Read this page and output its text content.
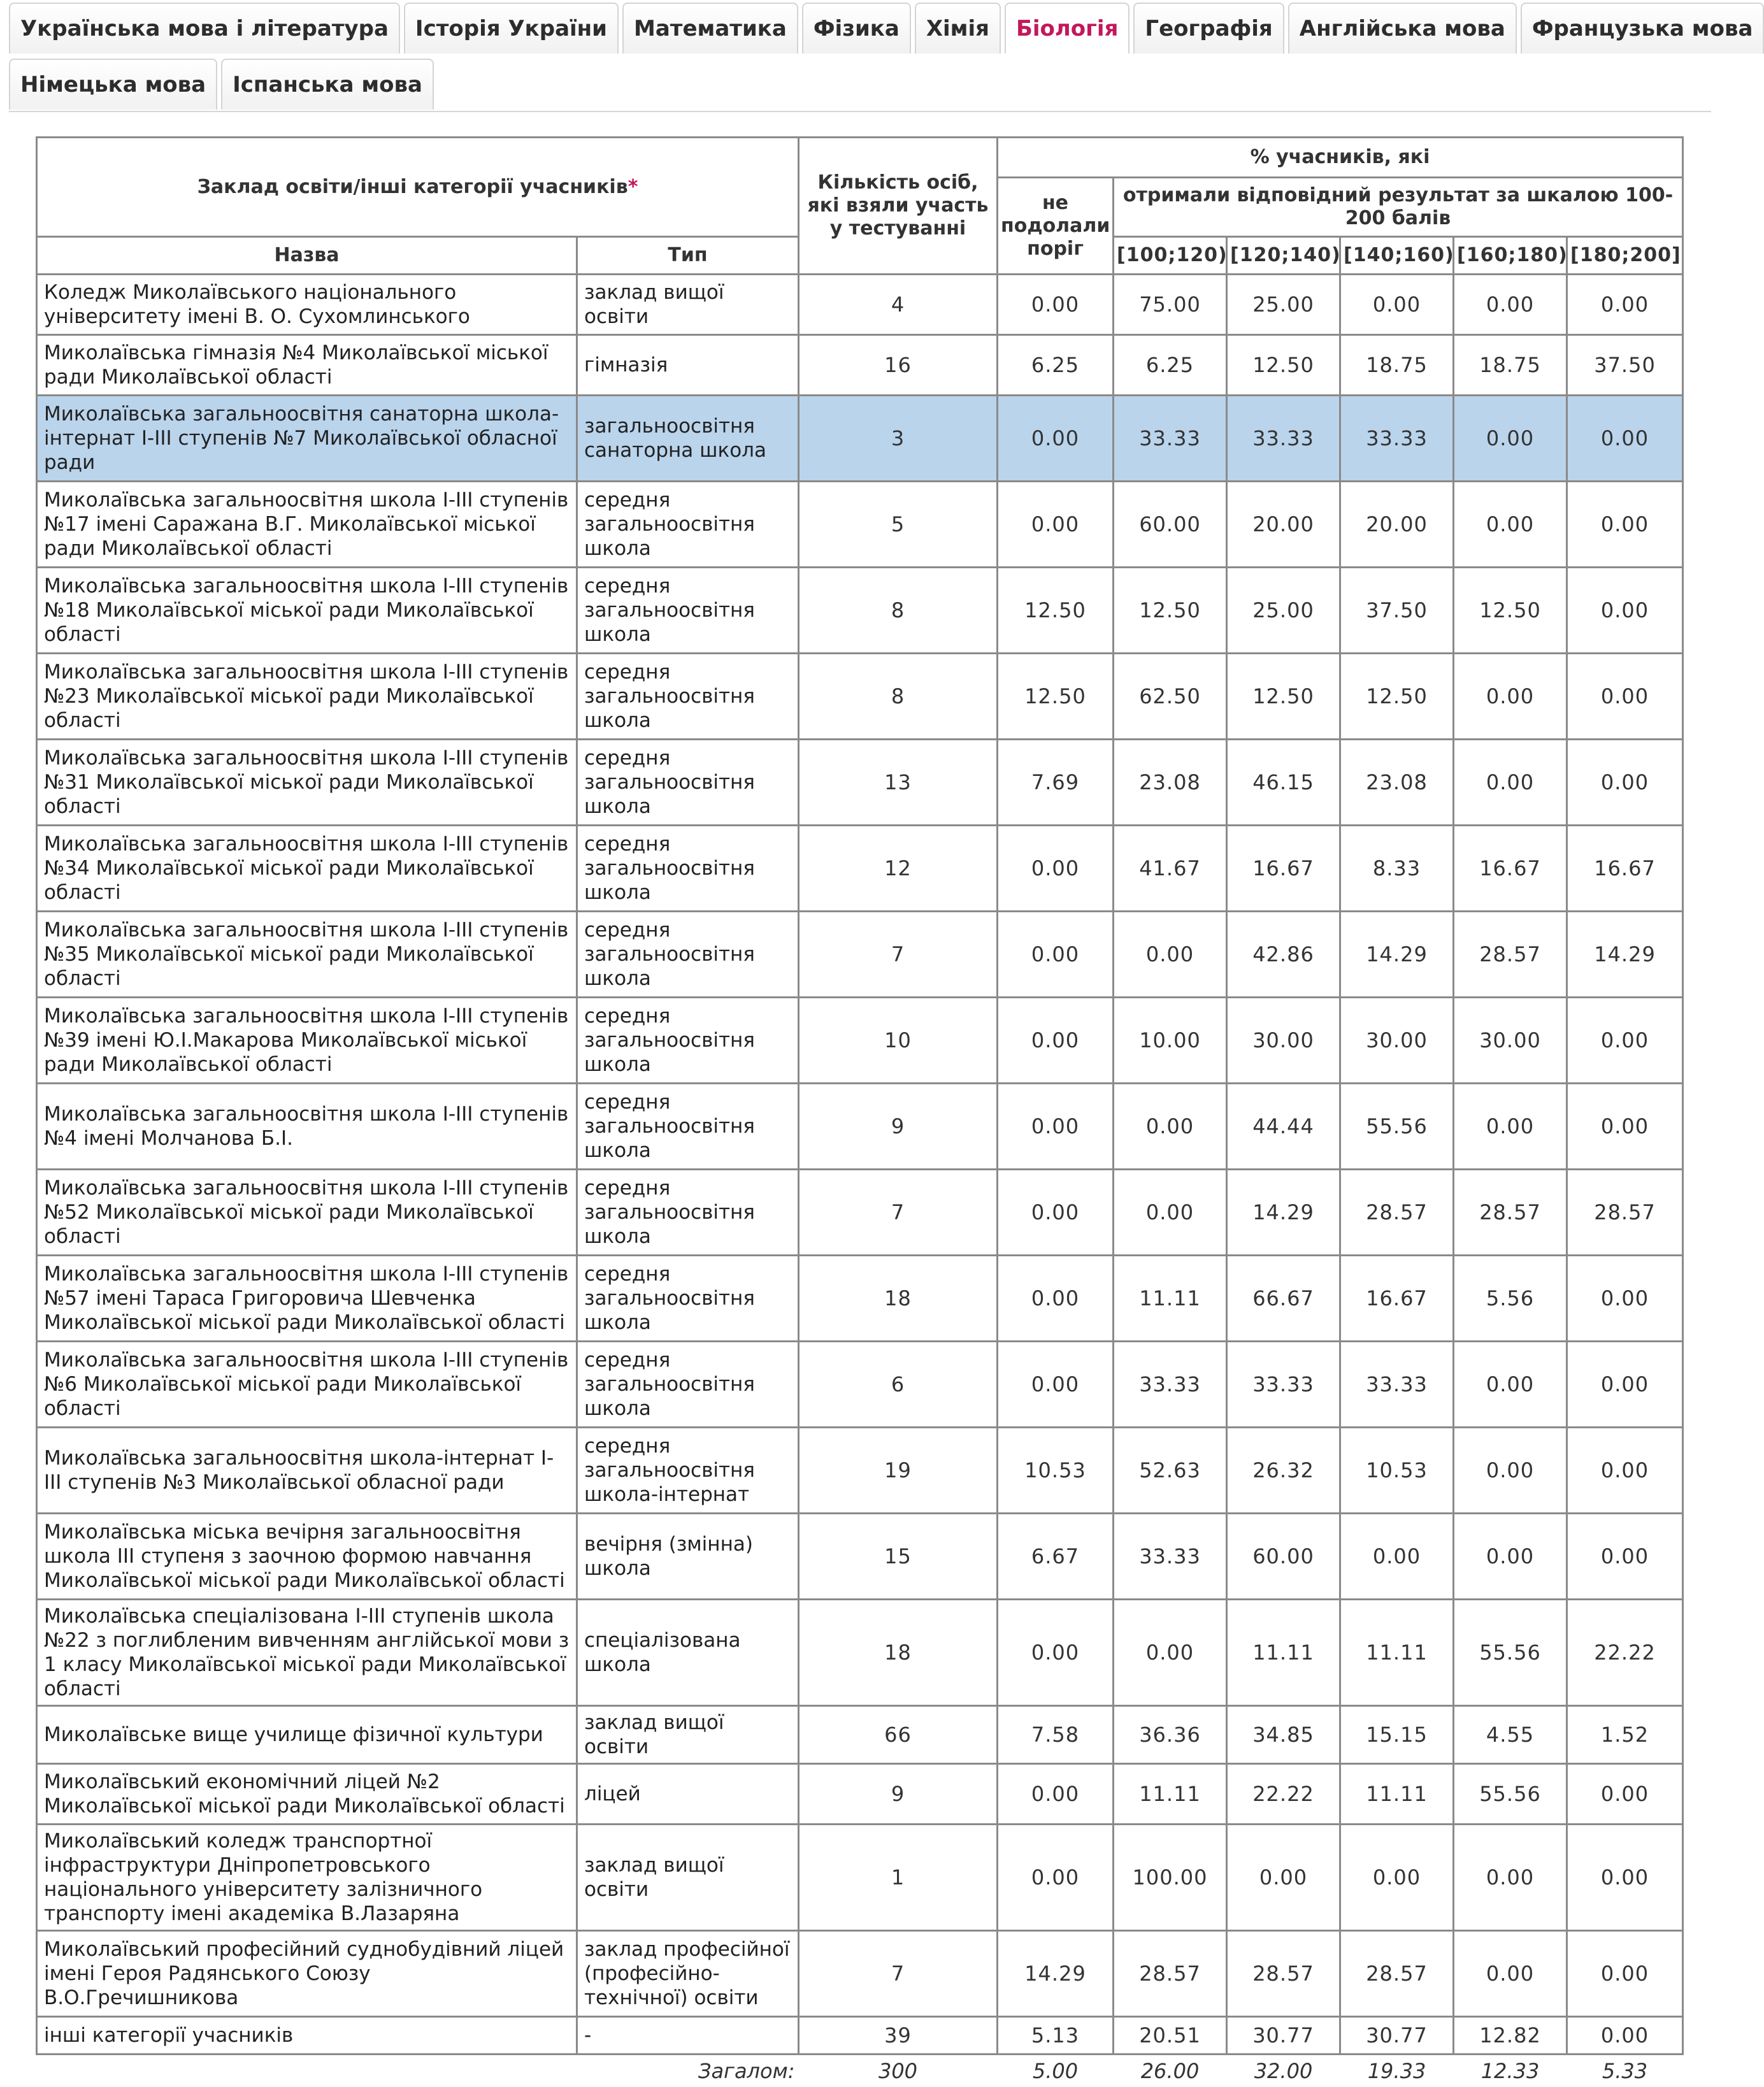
Українська мова і література	Історія України	Математика	Фізика	Хімія	Біологія	Географія	Англійська мова	Французька мова
Німецька мова	Іспанська мова
Заклад освіти/інші категорії учасників*		Кількість осіб, які взяли участь у тестуванні	% учасників, які					
			не подолали поріг	отримали відповідний результат за шкалою 100-200 балів				
Назва	Тип			[100;120)	[120;140)	[140;160)	[160;180)	[180;200]
Коледж Миколаївського національного університету імені В. О. Сухомлинського	заклад вищої освіти	4	0.00	75.00	25.00	0.00	0.00	0.00
Миколаївська гімназія №4 Миколаївської міської ради Миколаївської області	гімназія	16	6.25	6.25	12.50	18.75	18.75	37.50
Миколаївська загальноосвітня санаторна школа-інтернат І-ІІІ ступенів №7 Миколаївської обласної ради	загальноосвітня санаторна школа	3	0.00	33.33	33.33	33.33	0.00	0.00
Миколаївська загальноосвітня школа І-ІІІ ступенів №17 імені Саражана В.Г. Миколаївської міської ради Миколаївської області	середня загальноосвітня школа	5	0.00	60.00	20.00	20.00	0.00	0.00
Миколаївська загальноосвітня школа І-ІІІ ступенів №18 Миколаївської міської ради Миколаївської області	середня загальноосвітня школа	8	12.50	12.50	25.00	37.50	12.50	0.00
Миколаївська загальноосвітня школа І-ІІІ ступенів №23 Миколаївської міської ради Миколаївської області	середня загальноосвітня школа	8	12.50	62.50	12.50	12.50	0.00	0.00
Миколаївська загальноосвітня школа І-ІІІ ступенів №31 Миколаївської міської ради Миколаївської області	середня загальноосвітня школа	13	7.69	23.08	46.15	23.08	0.00	0.00
Миколаївська загальноосвітня школа І-ІІІ ступенів №34 Миколаївської міської ради Миколаївської області	середня загальноосвітня школа	12	0.00	41.67	16.67	8.33	16.67	16.67
Миколаївська загальноосвітня школа І-ІІІ ступенів №35 Миколаївської міської ради Миколаївської області	середня загальноосвітня школа	7	0.00	0.00	42.86	14.29	28.57	14.29
Миколаївська загальноосвітня школа І-ІІІ ступенів №39 імені Ю.І.Макарова Миколаївської міської ради Миколаївської області	середня загальноосвітня школа	10	0.00	10.00	30.00	30.00	30.00	0.00
Миколаївська загальноосвітня школа І-ІІІ ступенів №4 імені Молчанова Б.І.	середня загальноосвітня школа	9	0.00	0.00	44.44	55.56	0.00	0.00
Миколаївська загальноосвітня школа І-ІІІ ступенів №52 Миколаївської міської ради Миколаївської області	середня загальноосвітня школа	7	0.00	0.00	14.29	28.57	28.57	28.57
Миколаївська загальноосвітня школа І-ІІІ ступенів №57 імені Тараса Григоровича Шевченка Миколаївської міської ради Миколаївської області	середня загальноосвітня школа	18	0.00	11.11	66.67	16.67	5.56	0.00
Миколаївська загальноосвітня школа І-ІІІ ступенів №6 Миколаївської міської ради Миколаївської області	середня загальноосвітня школа	6	0.00	33.33	33.33	33.33	0.00	0.00
Миколаївська загальноосвітня школа-інтернат І-ІІІ ступенів №3 Миколаївської обласної ради	середня загальноосвітня школа-інтернат	19	10.53	52.63	26.32	10.53	0.00	0.00
Миколаївська міська вечірня загальноосвітня школа ІІІ ступеня з заочною формою навчання Миколаївської міської ради Миколаївської області	вечірня (змінна) школа	15	6.67	33.33	60.00	0.00	0.00	0.00
Миколаївська спеціалізована І-ІІІ ступенів школа №22 з поглибленим вивченням англійської мови з 1 класу Миколаївської міської ради Миколаївської області	спеціалізована школа	18	0.00	0.00	11.11	11.11	55.56	22.22
Миколаївське вище училище фізичної культури	заклад вищої освіти	66	7.58	36.36	34.85	15.15	4.55	1.52
Миколаївський економічний ліцей №2 Миколаївської міської ради Миколаївської області	ліцей	9	0.00	11.11	22.22	11.11	55.56	0.00
Миколаївський коледж транспортної інфраструктури Дніпропетровського національного університету залізничного транспорту імені академіка В.Лазаряна	заклад вищої освіти	1	0.00	100.00	0.00	0.00	0.00	0.00
Миколаївський професійний суднобудівний ліцей імені Героя Радянського Союзу В.О.Гречишникова	заклад професійної (професійно-технічної) освіти	7	14.29	28.57	28.57	28.57	0.00	0.00
інші категорії учасників	-	39	5.13	20.51	30.77	30.77	12.82	0.00
Загалом:		300	5.00	26.00	32.00	19.33	12.33	5.33
